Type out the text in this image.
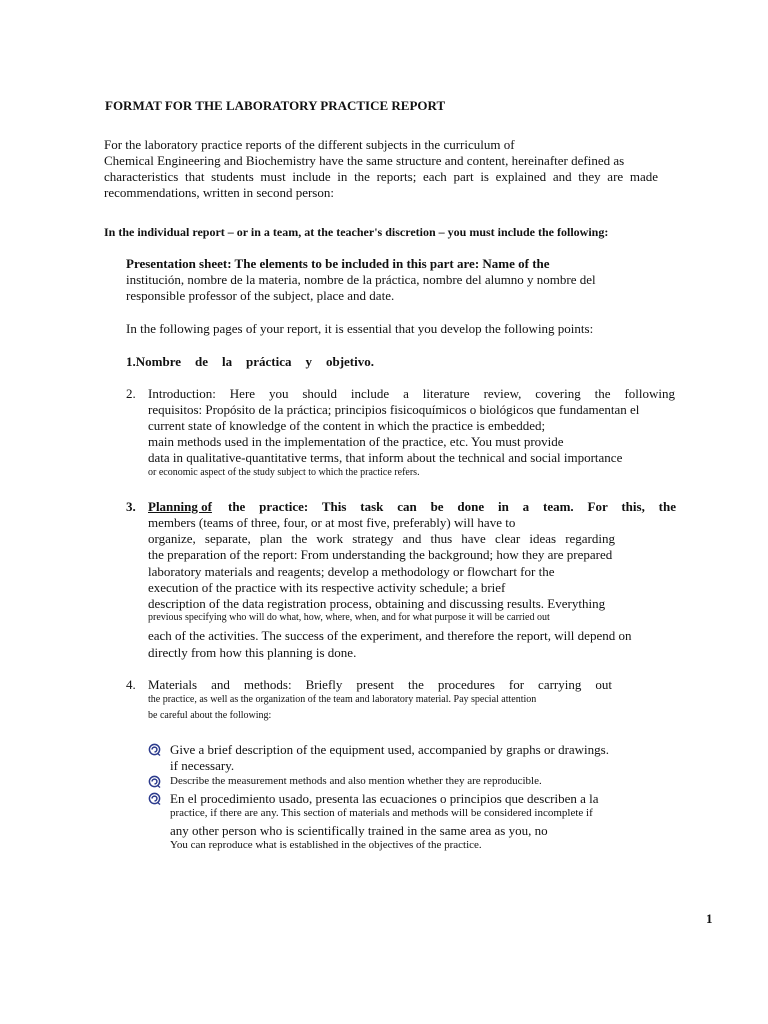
FORMAT FOR THE LABORATORY PRACTICE REPORT
For the laboratory practice reports of the different subjects in the curriculum of
Chemical Engineering and Biochemistry have the same structure and content, hereinafter defined as
characteristics that students must include in the reports; each part is explained and they are made
recommendations, written in second person:
In the individual report – or in a team, at the teacher's discretion – you must include the following:
Presentation sheet: The elements to be included in this part are: Name of the
institución, nombre de la materia, nombre de la práctica, nombre del alumno y nombre del
responsible professor of the subject, place and date.
In the following pages of your report, it is essential that you develop the following points:
1.Nombre de la práctica y objetivo.
2. Introduction: Here you should include a literature review, covering the following
requisitos: Propósito de la práctica; principios fisicoquímicos o biológicos que fundamentan el
current state of knowledge of the content in which the practice is embedded;
main methods used in the implementation of the practice, etc. You must provide
data in qualitative-quantitative terms, that inform about the technical and social importance
or economic aspect of the study subject to which the practice refers.
3. Planning of the practice: This task can be done in a team. For this, the
members (teams of three, four, or at most five, preferably) will have to
organize, separate, plan the work strategy and thus have clear ideas regarding
the preparation of the report: From understanding the background; how they are prepared
laboratory materials and reagents; develop a methodology or flowchart for the
execution of the practice with its respective activity schedule; a brief
description of the data registration process, obtaining and discussing results. Everything
previous specifying who will do what, how, where, when, and for what purpose it will be carried out
each of the activities. The success of the experiment, and therefore the report, will depend on
directly from how this planning is done.
4. Materials and methods: Briefly present the procedures for carrying out
the practice, as well as the organization of the team and laboratory material. Pay special attention
be careful about the following:
Give a brief description of the equipment used, accompanied by graphs or drawings.
if necessary.
Describe the measurement methods and also mention whether they are reproducible.
En el procedimiento usado, presenta las ecuaciones o principios que describen a la
practice, if there are any. This section of materials and methods will be considered incomplete if
any other person who is scientifically trained in the same area as you, no
You can reproduce what is established in the objectives of the practice.
1
